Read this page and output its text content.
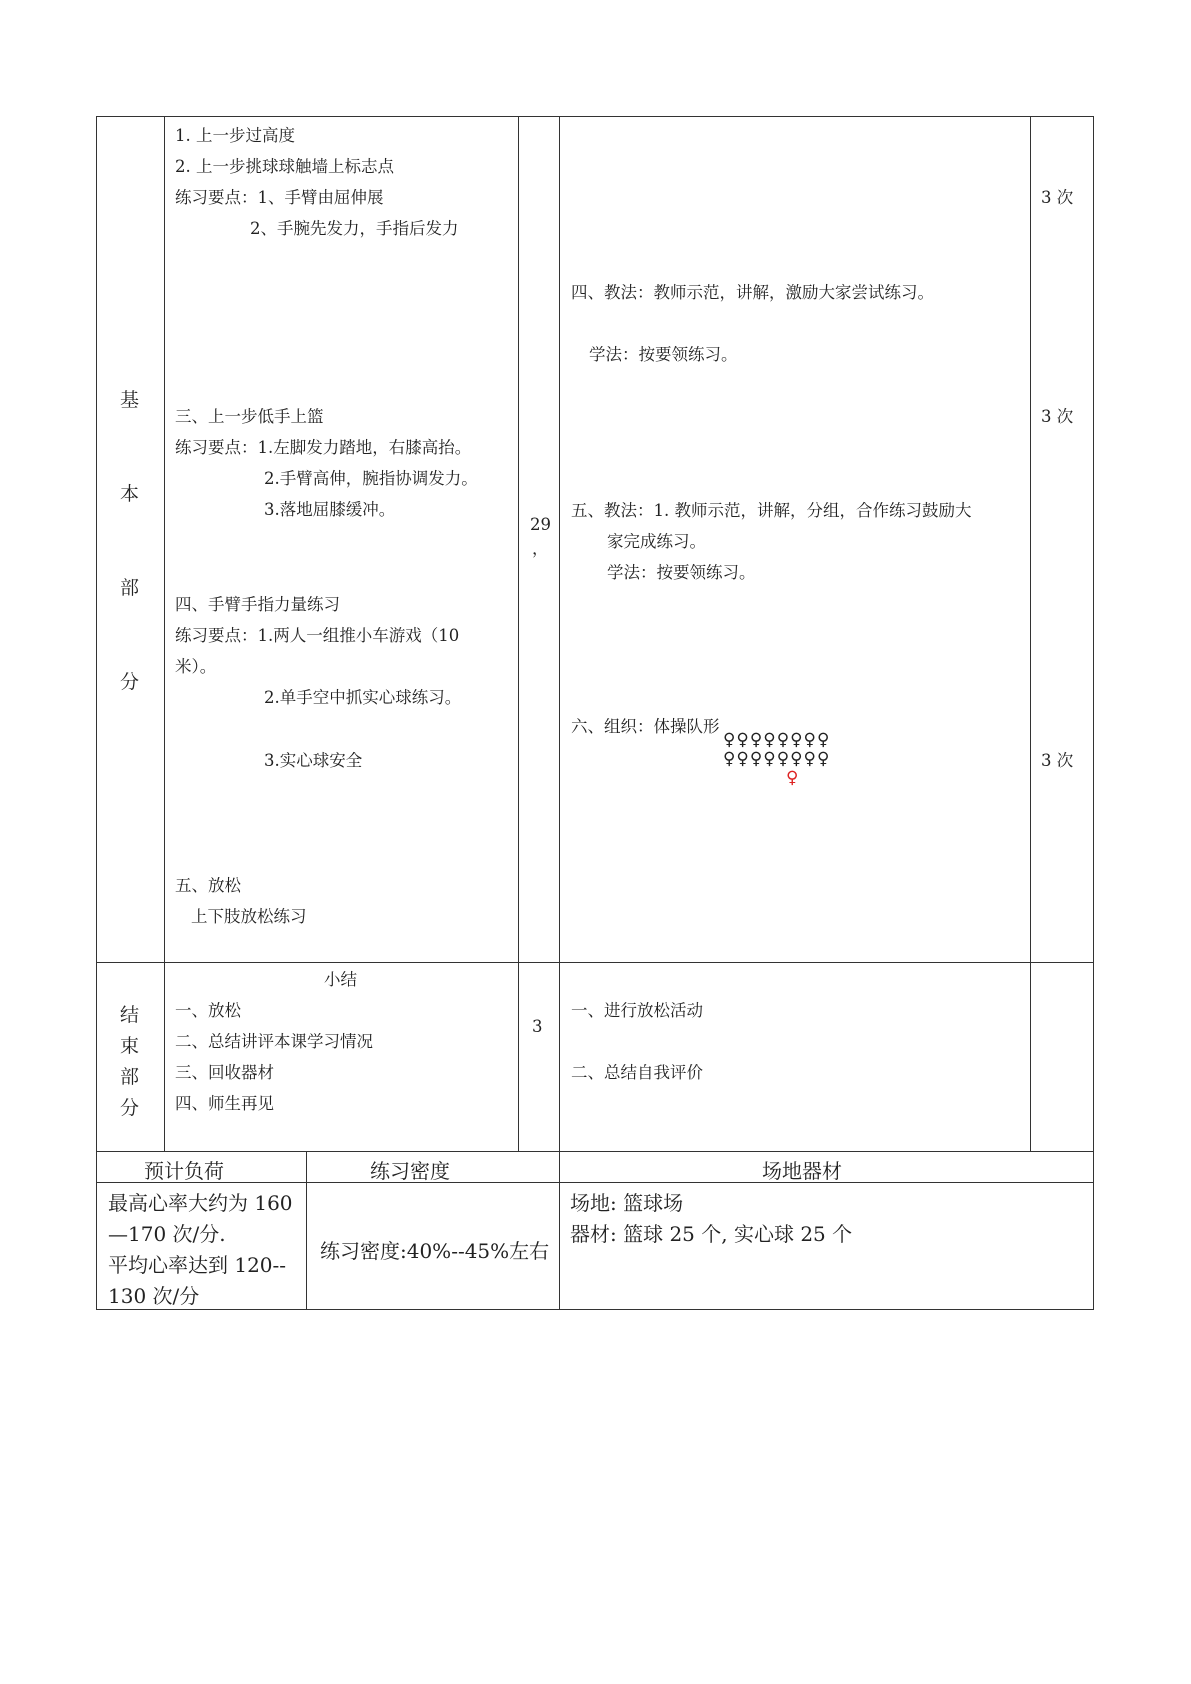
基
本
部
分
1. 上一步过高度
2. 上一步挑球球触墙上标志点
练习要点：1、手臂由屈伸展
2、手腕先发力，手指后发力
三、上一步低手上篮
练习要点：1.左脚发力踏地，右膝高抬。
2.手臂高伸，腕指协调发力。
3.落地屈膝缓冲。
四、手臂手指力量练习
练习要点：1.两人一组推小车游戏（10
米）。
2.单手空中抓实心球练习。
3.实心球安全
五、放松
上下肢放松练习
29
，
四、教法：教师示范，讲解，激励大家尝试练习。
学法：按要领练习。
五、教法：1. 教师示范，讲解，分组，合作练习鼓励大
家完成练习。
学法：按要领练习。
六、组织：体操队形
♀♀♀♀♀♀♀♀
♀♀♀♀♀♀♀♀
♀
3 次
3 次
3 次
结
束
部
分
小结
一、放松
二、总结讲评本课学习情况
三、回收器材
四、师生再见
3
一、进行放松活动
二、总结自我评价
预计负荷	练习密度	场地器材
最高心率大约为 160
—170 次/分.
平均心率达到 120--
130 次/分
练习密度:40%--45%左右
场地: 篮球场
器材: 篮球 25 个, 实心球 25 个
